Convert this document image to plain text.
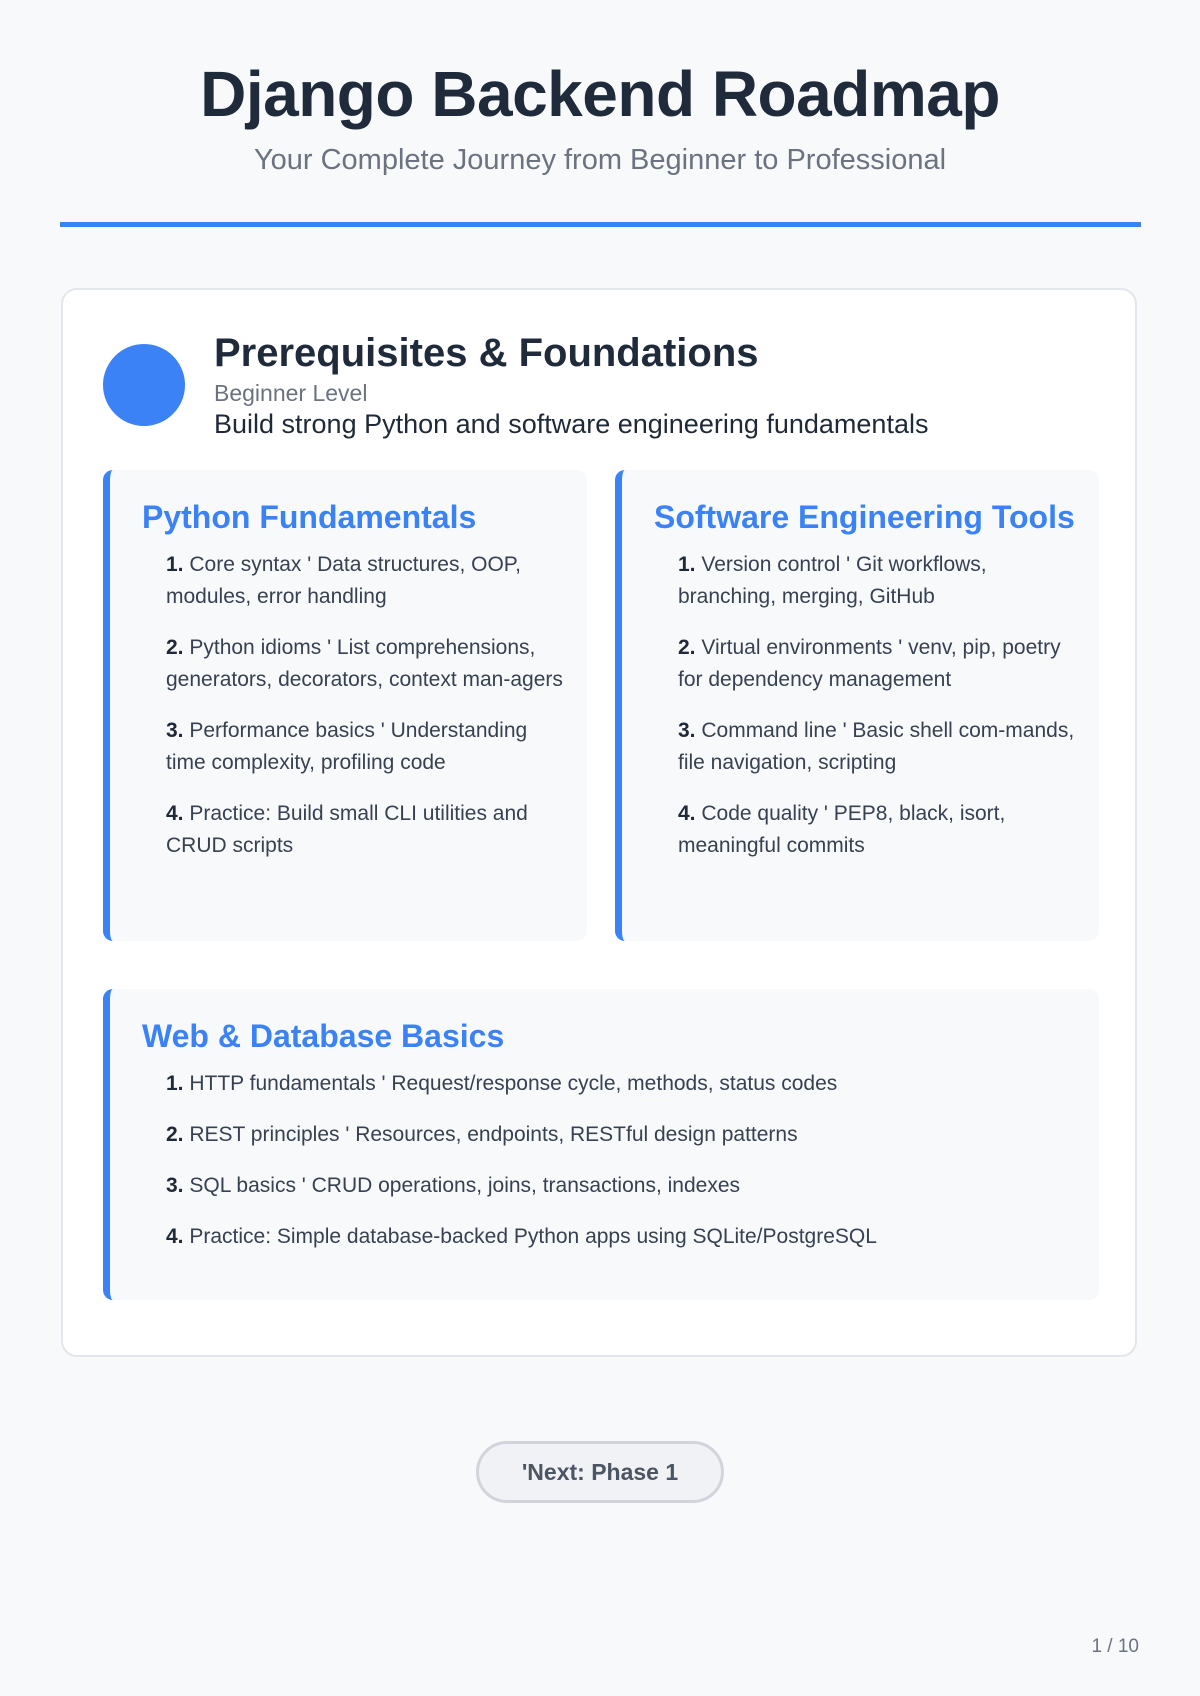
Django Backend Roadmap
Your Complete Journey from Beginner to Professional
Prerequisites & Foundations
Beginner Level
Build strong Python and software engineering fundamentals
Python Fundamentals
1. Core syntax ' Data structures, OOP, modules, error handling
2. Python idioms ' List comprehensions, generators, decorators, context man-agers
3. Performance basics ' Understanding time complexity, profiling code
4. Practice: Build small CLI utilities and CRUD scripts
Software Engineering Tools
1. Version control ' Git workflows, branching, merging, GitHub
2. Virtual environments ' venv, pip, poetry for dependency management
3. Command line ' Basic shell com-mands, file navigation, scripting
4. Code quality ' PEP8, black, isort, meaningful commits
Web & Database Basics
1. HTTP fundamentals ' Request/response cycle, methods, status codes
2. REST principles ' Resources, endpoints, RESTful design patterns
3. SQL basics ' CRUD operations, joins, transactions, indexes
4. Practice: Simple database-backed Python apps using SQLite/PostgreSQL
'Next: Phase 1
1 / 10
